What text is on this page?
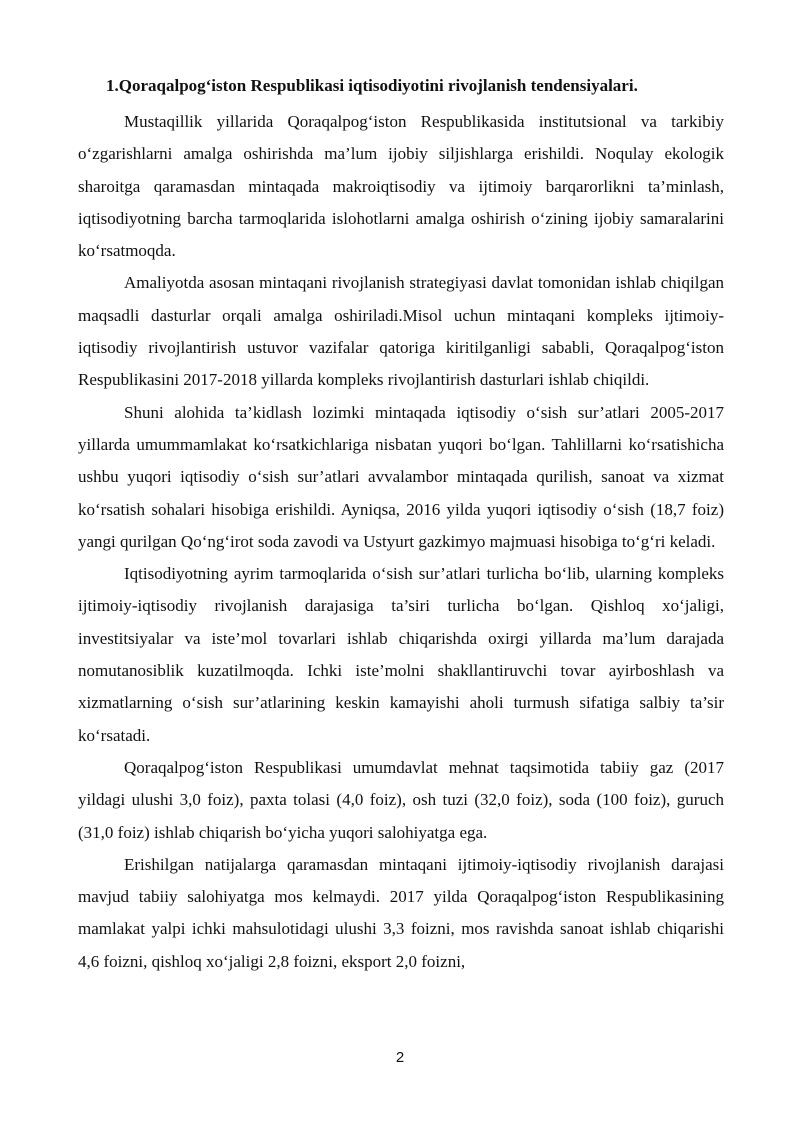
1.Qoraqalpog‘iston Respublikasi iqtisodiyotini rivojlanish tendensiyalari.

Mustaqillik yillarida Qoraqalpog‘iston Respublikasida institutsional va tarkibiy o‘zgarishlarni amalga oshirishda ma’lum ijobiy siljishlarga erishildi. Noqulay ekologik sharoitga qaramasdan mintaqada makroiqtisodiy va ijtimoiy barqarorlikni ta’minlash, iqtisodiyotning barcha tarmoqlarida islohotlarni amalga oshirish o‘zining ijobiy samaralarini ko‘rsatmoqda.

Amaliyotda asosan mintaqani rivojlanish strategiyasi davlat tomonidan ishlab chiqilgan maqsadli dasturlar orqali amalga oshiriladi.Misol uchun mintaqani kompleks ijtimoiy-iqtisodiy rivojlantirish ustuvor vazifalar qatoriga kiritilganligi sababli, Qoraqalpog‘iston Respublikasini 2017-2018 yillarda kompleks rivojlantirish dasturlari ishlab chiqildi.

Shuni alohida ta’kidlash lozimki mintaqada iqtisodiy o‘sish sur’atlari 2005-2017 yillarda umummamlakat ko‘rsatkichlariga nisbatan yuqori bo‘lgan. Tahlillarni ko‘rsatishicha ushbu yuqori iqtisodiy o‘sish sur’atlari avvalambor mintaqada qurilish, sanoat va xizmat ko‘rsatish sohalari hisobiga erishildi. Ayniqsa, 2016 yilda yuqori iqtisodiy o‘sish (18,7 foiz) yangi qurilgan Qo‘ng‘irot soda zavodi va Ustyurt gazkimyo majmuasi hisobiga to‘g‘ri keladi.

Iqtisodiyotning ayrim tarmoqlarida o‘sish sur’atlari turlicha bo‘lib, ularning kompleks ijtimoiy-iqtisodiy rivojlanish darajasiga ta’siri turlicha bo‘lgan. Qishloq xo‘jaligi, investitsiyalar va iste’mol tovarlari ishlab chiqarishda oxirgi yillarda ma’lum darajada nomutanosiblik kuzatilmoqda. Ichki iste’molni shakllantiruvchi tovar ayirboshlash va xizmatlarning o‘sish sur’atlarining keskin kamayishi aholi turmush sifatiga salbiy ta’sir ko‘rsatadi.

Qoraqalpog‘iston Respublikasi umumdavlat mehnat taqsimotida tabiiy gaz (2017 yildagi ulushi 3,0 foiz), paxta tolasi (4,0 foiz), osh tuzi (32,0 foiz), soda (100 foiz), guruch (31,0 foiz) ishlab chiqarish bo‘yicha yuqori salohiyatga ega.

Erishilgan natijalarga qaramasdan mintaqani ijtimoiy-iqtisodiy rivojlanish darajasi mavjud tabiiy salohiyatga mos kelmaydi. 2017 yilda Qoraqalpog‘iston Respublikasining mamlakat yalpi ichki mahsulotidagi ulushi 3,3 foizni, mos ravishda sanoat ishlab chiqarishi 4,6 foizni, qishloq xo‘jaligi 2,8 foizni, eksport 2,0 foizni,

2
